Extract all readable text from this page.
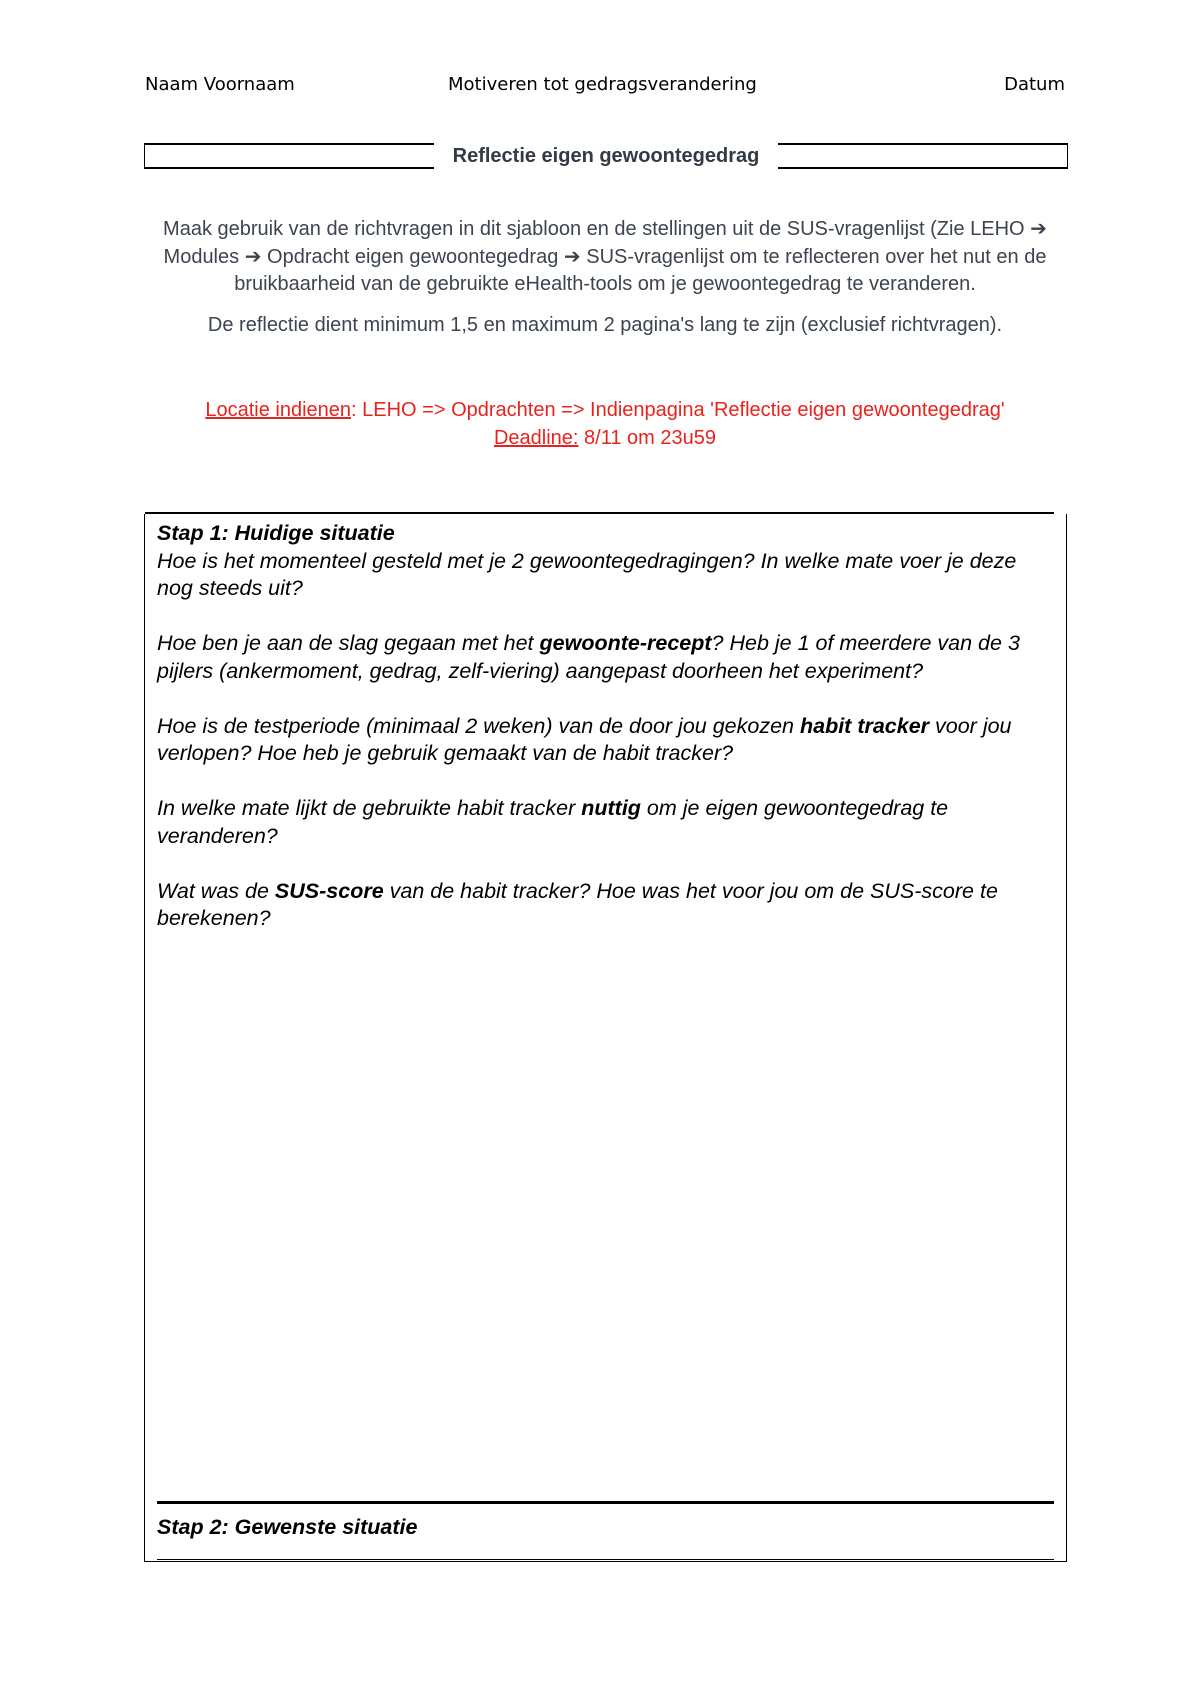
Naam Voornaam	Motiveren tot gedragsverandering	Datum
Reflectie eigen gewoontegedrag

Maak gebruik van de richtvragen in dit sjabloon en de stellingen uit de SUS-vragenlijst (Zie LEHO ➔ Modules ➔ Opdracht eigen gewoontegedrag ➔ SUS-vragenlijst om te reflecteren over het nut en de bruikbaarheid van de gebruikte eHealth-tools om je gewoontegedrag te veranderen.

De reflectie dient minimum 1,5 en maximum 2 pagina's lang te zijn (exclusief richtvragen).

Locatie indienen: LEHO => Opdrachten => Indienpagina 'Reflectie eigen gewoontegedrag'

Deadline: 8/11 om 23u59

Stap 1: Huidige situatie

Hoe is het momenteel gesteld met je 2 gewoontegedragingen? In welke mate voer je deze nog steeds uit?

Hoe ben je aan de slag gegaan met het gewoonte-recept? Heb je 1 of meerdere van de 3 pijlers (ankermoment, gedrag, zelf-viering) aangepast doorheen het experiment?

Hoe is de testperiode (minimaal 2 weken) van de door jou gekozen habit tracker voor jou verlopen? Hoe heb je gebruik gemaakt van de habit tracker?

In welke mate lijkt de gebruikte habit tracker nuttig om je eigen gewoontegedrag te veranderen?

Wat was de SUS-score van de habit tracker? Hoe was het voor jou om de SUS-score te berekenen?

Stap 2: Gewenste situatie
